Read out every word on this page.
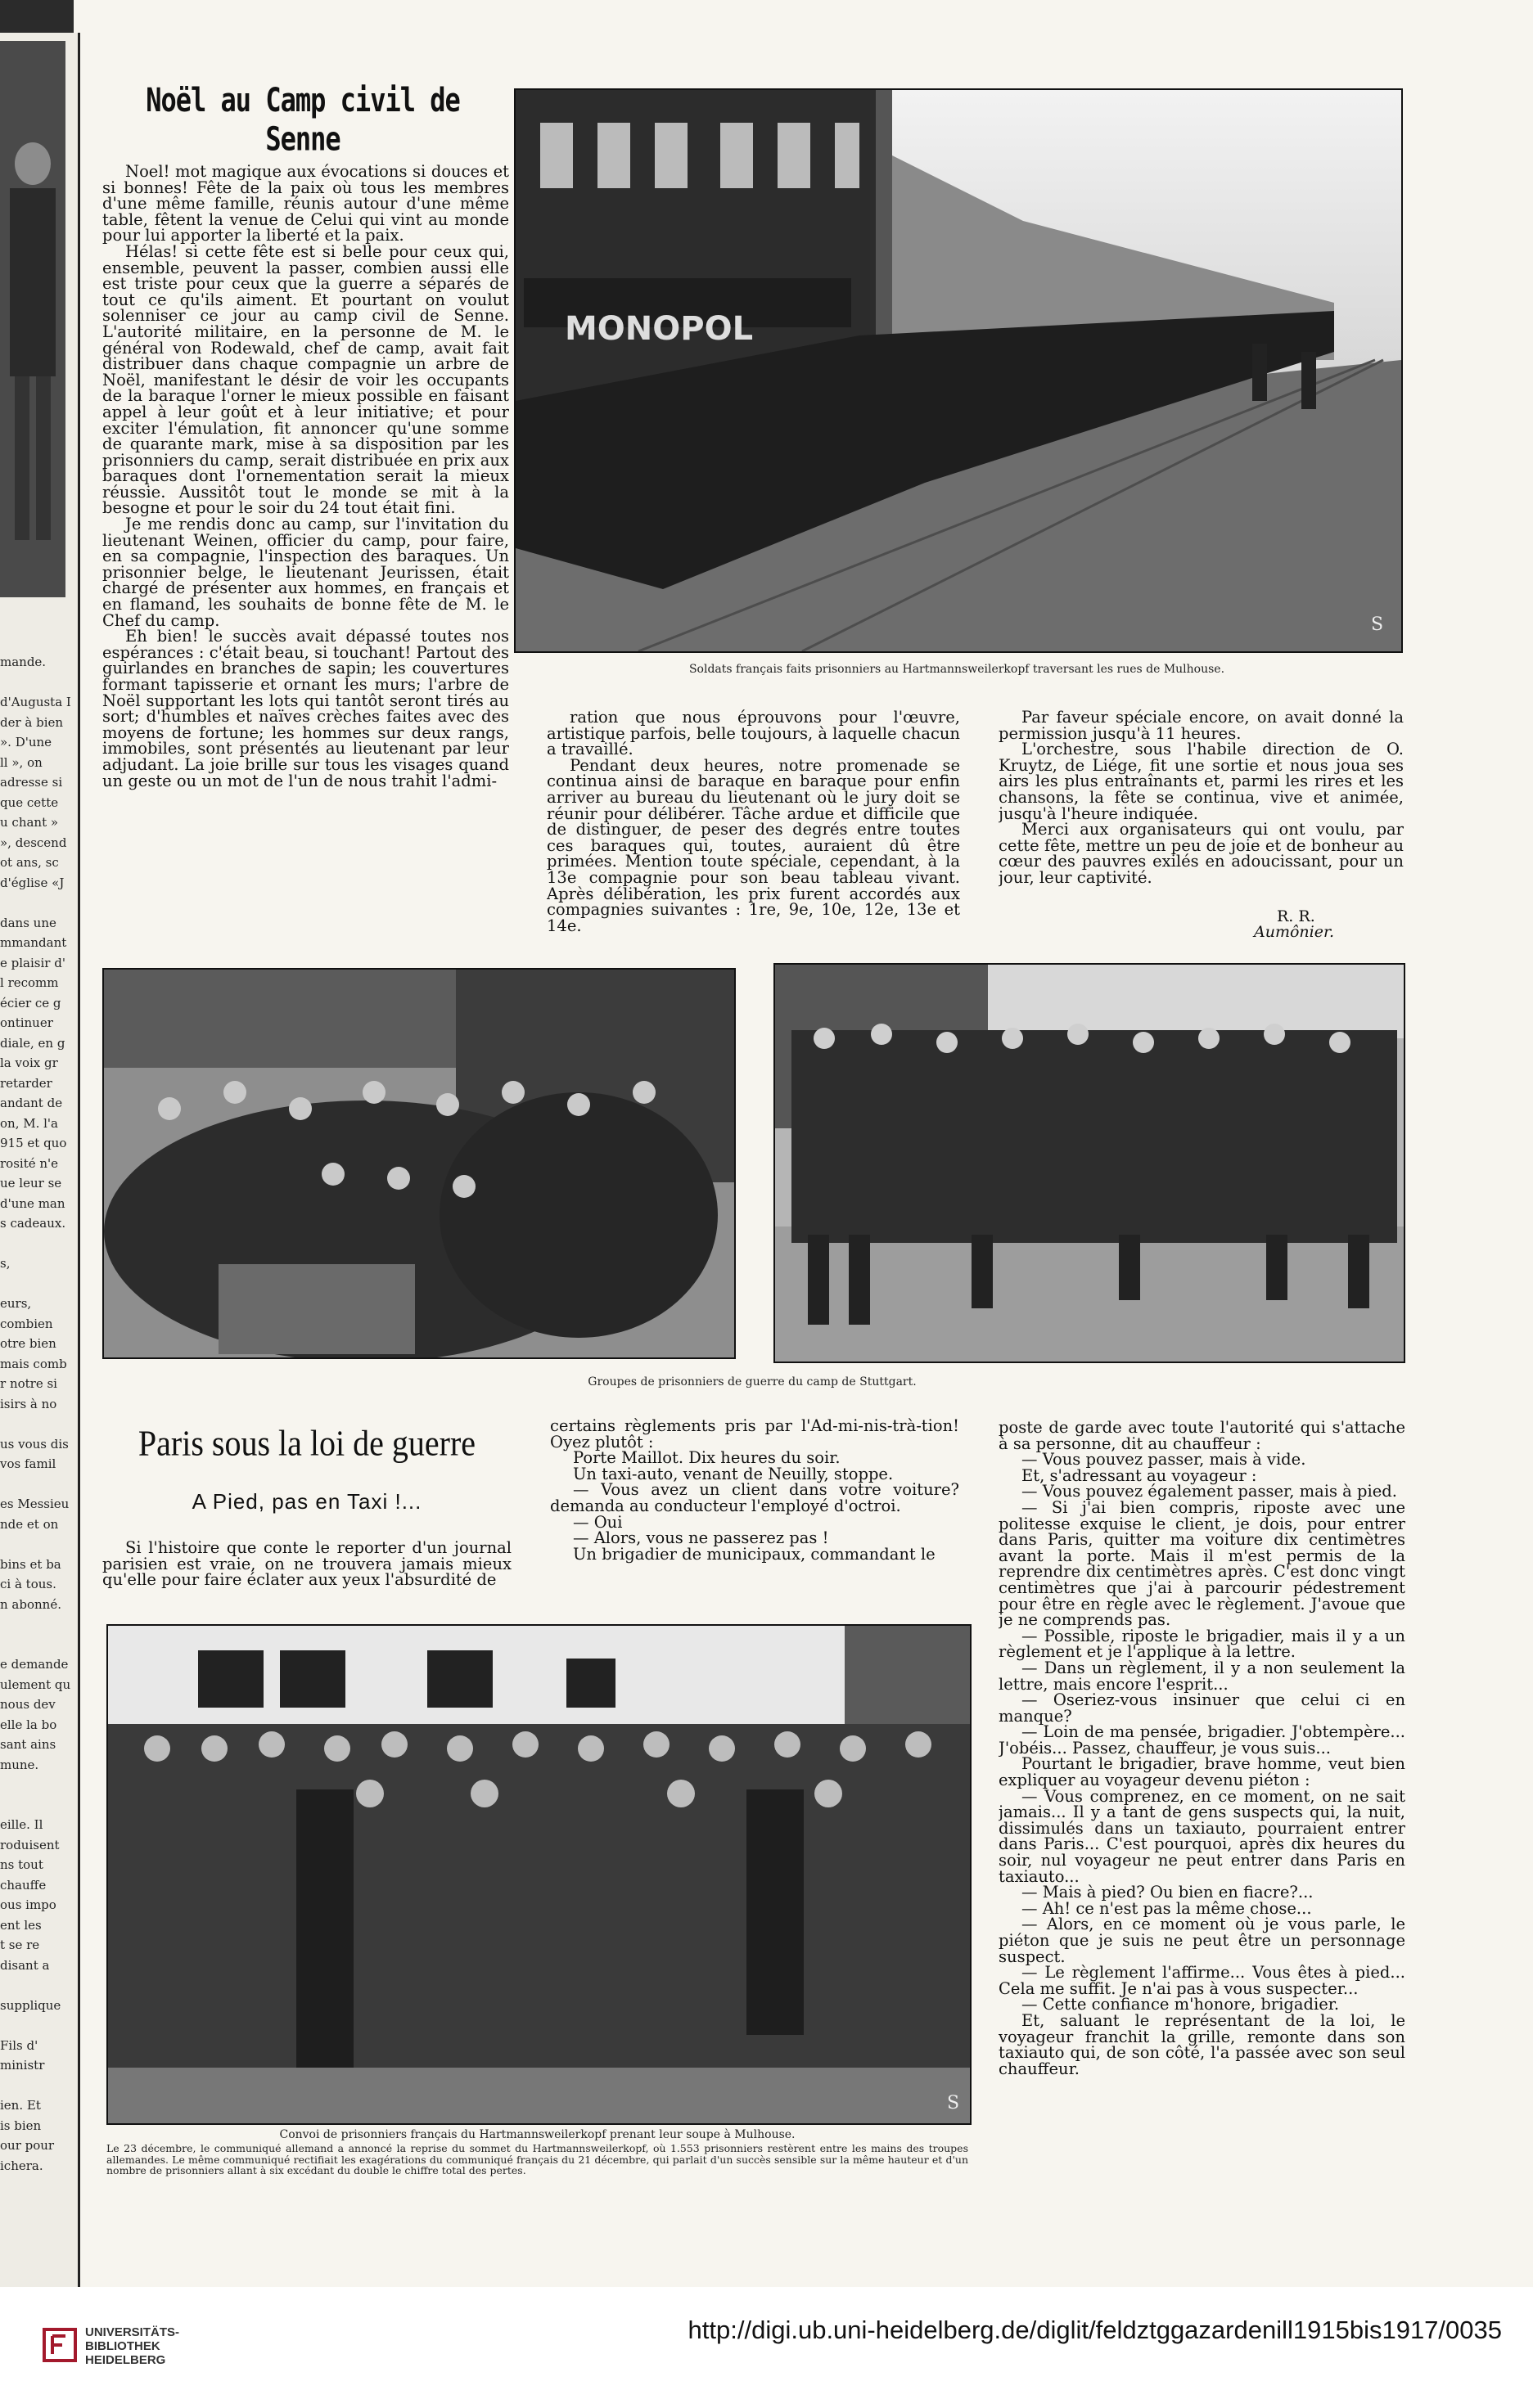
mande.
d'Augusta I
der à bien
». D'une
ll », on
adresse si
que cette
u chant »
», descend
ot ans, sc
d'église «J
dans une
mmandant
e plaisir d'
l recomm
écier ce g
ontinuer
diale, en g
la voix gr
retarder
andant de
on, M. l'a
915 et quo
rosité n'e
ue leur se
d'une man
s cadeaux.
s,
eurs,
combien
otre bien
mais comb
r notre si
isirs à no
us vous dis
vos famil
es Messieu
nde et on
bins et ba
ci à tous.
n abonné.
e demande
ulement qu
nous dev
elle la bo
sant ains
mune.
eille. Il
roduisent
ns tout
chauffe
ous impo
ent les
t se re
disant a
supplique
Fils d'
ministr
ien. Et
is bien
our pour
ichera.
Noël au Camp civil de Senne

Noel! mot magique aux évocations si douces et si bonnes! Fête de la paix où tous les membres d'une même famille, réunis autour d'une même table, fêtent la venue de Celui qui vint au monde pour lui apporter la liberté et la paix.

Hélas! si cette fête est si belle pour ceux qui, ensemble, peuvent la passer, combien aussi elle est triste pour ceux que la guerre a séparés de tout ce qu'ils aiment. Et pourtant on voulut solenniser ce jour au camp civil de Senne. L'autorité militaire, en la personne de M. le général von Rodewald, chef de camp, avait fait distribuer dans chaque compagnie un arbre de Noël, manifestant le désir de voir les occupants de la baraque l'orner le mieux possible en faisant appel à leur goût et à leur initiative; et pour exciter l'émulation, fit annoncer qu'une somme de quarante mark, mise à sa disposition par les prisonniers du camp, serait distribuée en prix aux baraques dont l'ornementation serait la mieux réussie. Aussitôt tout le monde se mit à la besogne et pour le soir du 24 tout était fini.

Je me rendis donc au camp, sur l'invitation du lieutenant Weinen, officier du camp, pour faire, en sa compagnie, l'inspection des baraques. Un prisonnier belge, le lieutenant Jeurissen, était chargé de présenter aux hommes, en français et en flamand, les souhaits de bonne fête de M. le Chef du camp.

Eh bien! le succès avait dépassé toutes nos espérances : c'était beau, si touchant! Partout des guirlandes en branches de sapin; les couvertures formant tapisserie et ornant les murs; l'arbre de Noël supportant les lots qui tantôt seront tirés au sort; d'humbles et naïves crèches faites avec des moyens de fortune; les hommes sur deux rangs, immobiles, sont présentés au lieutenant par leur adjudant. La joie brille sur tous les visages quand un geste ou un mot de l'un de nous trahit l'admi-

MONOPOL
S
Soldats français faits prisonniers au Hartmannsweilerkopf traversant les rues de Mulhouse.

ration que nous éprouvons pour l'œuvre, artistique parfois, belle toujours, à laquelle chacun a travaillé.

Pendant deux heures, notre promenade se continua ainsi de baraque en baraque pour enfin arriver au bureau du lieutenant où le jury doit se réunir pour délibérer. Tâche ardue et difficile que de distinguer, de peser des degrés entre toutes ces baraques qui, toutes, auraient dû être primées. Mention toute spéciale, cependant, à la 13e compagnie pour son beau tableau vivant. Après délibération, les prix furent accordés aux compagnies suivantes : 1re, 9e, 10e, 12e, 13e et 14e.

Par faveur spéciale encore, on avait donné la permission jusqu'à 11 heures.

L'orchestre, sous l'habile direction de O. Kruytz, de Liége, fit une sortie et nous joua ses airs les plus entraînants et, parmi les rires et les chansons, la fête se continua, vive et animée, jusqu'à l'heure indiquée.

Merci aux organisateurs qui ont voulu, par cette fête, mettre un peu de joie et de bonheur au cœur des pauvres exilés en adoucissant, pour un jour, leur captivité.

R. R.
Aumônier.
Groupes de prisonniers de guerre du camp de Stuttgart.
Paris sous la loi de guerre
A Pied, pas en Taxi !...

Si l'histoire que conte le reporter d'un journal parisien est vraie, on ne trouvera jamais mieux qu'elle pour faire éclater aux yeux l'absurdité de

certains règlements pris par l'Ad-mi-nis-trà-tion! Oyez plutôt :

Porte Maillot. Dix heures du soir.

Un taxi-auto, venant de Neuilly, stoppe.

— Vous avez un client dans votre voiture? demanda au conducteur l'employé d'octroi.

— Oui

— Alors, vous ne passerez pas !

Un brigadier de municipaux, commandant le

poste de garde avec toute l'autorité qui s'attache à sa personne, dit au chauffeur :

— Vous pouvez passer, mais à vide.

Et, s'adressant au voyageur :

— Vous pouvez également passer, mais à pied.

— Si j'ai bien compris, riposte avec une politesse exquise le client, je dois, pour entrer dans Paris, quitter ma voiture dix centimètres avant la porte. Mais il m'est permis de la reprendre dix centimètres après. C'est donc vingt centimètres que j'ai à parcourir pédestrement pour être en règle avec le règlement. J'avoue que je ne comprends pas.

— Possible, riposte le brigadier, mais il y a un règlement et je l'applique à la lettre.

— Dans un règlement, il y a non seulement la lettre, mais encore l'esprit...

— Oseriez-vous insinuer que celui ci en manque?

— Loin de ma pensée, brigadier. J'obtempère... J'obéis... Passez, chauffeur, je vous suis...

Pourtant le brigadier, brave homme, veut bien expliquer au voyageur devenu piéton :

— Vous comprenez, en ce moment, on ne sait jamais... Il y a tant de gens suspects qui, la nuit, dissimulés dans un taxiauto, pourraient entrer dans Paris... C'est pourquoi, après dix heures du soir, nul voyageur ne peut entrer dans Paris en taxiauto...

— Mais à pied? Ou bien en fiacre?...

— Ah! ce n'est pas la même chose...

— Alors, en ce moment où je vous parle, le piéton que je suis ne peut être un personnage suspect.

— Le règlement l'affirme... Vous êtes à pied... Cela me suffit. Je n'ai pas à vous suspecter...

— Cette confiance m'honore, brigadier.

Et, saluant le représentant de la loi, le voyageur franchit la grille, remonte dans son taxiauto qui, de son côté, l'a passée avec son seul chauffeur.

S
Convoi de prisonniers français du Hartmannsweilerkopf prenant leur soupe à Mulhouse.
Le 23 décembre, le communiqué allemand a annoncé la reprise du sommet du Hartmannsweilerkopf, où 1.553 prisonniers restèrent entre les mains des troupes allemandes. Le même communiqué rectifiait les exagérations du communiqué français du 21 décembre, qui parlait d'un succès sensible sur la même hauteur et d'un nombre de prisonniers allant à six excédant du double le chiffre total des pertes.
UNIVERSITÄTS-
BIBLIOTHEK
HEIDELBERG
http://digi.ub.uni-heidelberg.de/diglit/feldztggazardenill1915bis1917/0035
